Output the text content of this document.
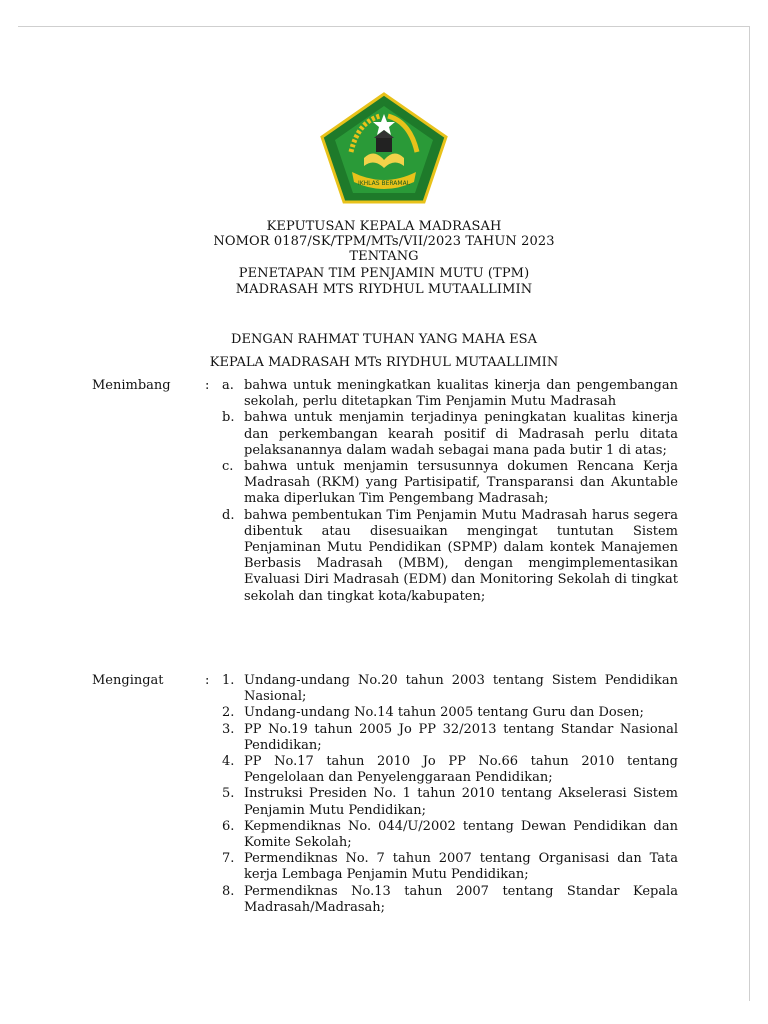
IKHLAS BERAMAL
KEPUTUSAN KEPALA MADRASAH
NOMOR 0187/SK/TPM/MTs/VII/2023 TAHUN 2023
TENTANG
PENETAPAN TIM PENJAMIN MUTU (TPM)
MADRASAH MTS RIYDHUL MUTAALLIMIN
DENGAN RAHMAT TUHAN YANG MAHA ESA
KEPALA MADRASAH MTs RIYDHUL MUTAALLIMIN
Menimbang	: a. bahwa untuk meningkatkan kualitas kinerja dan pengembangan sekolah, perlu ditetapkan Tim Penjamin Mutu Madrasah
b. bahwa untuk menjamin terjadinya peningkatan kualitas kinerja dan perkembangan kearah positif di Madrasah perlu ditata pelaksanannya dalam wadah sebagai mana pada butir 1 di atas;
c. bahwa untuk menjamin tersusunnya dokumen Rencana Kerja Madrasah (RKM) yang Partisipatif, Transparansi dan Akuntable maka diperlukan Tim Pengembang Madrasah;
d. bahwa pembentukan Tim Penjamin Mutu Madrasah harus segera dibentuk atau disesuaikan mengingat tuntutan Sistem Penjaminan Mutu Pendidikan (SPMP) dalam kontek Manajemen Berbasis Madrasah (MBM), dengan mengimplementasikan Evaluasi Diri Madrasah (EDM) dan Monitoring Sekolah di tingkat sekolah dan tingkat kota/kabupaten;
Mengingat	: 1. Undang-undang No.20 tahun 2003 tentang Sistem Pendidikan Nasional;
2. Undang-undang No.14 tahun 2005 tentang Guru dan Dosen;
3. PP No.19 tahun 2005 Jo PP 32/2013 tentang Standar Nasional Pendidikan;
4. PP No.17 tahun 2010 Jo PP No.66 tahun 2010 tentang Pengelolaan dan Penyelenggaraan Pendidikan;
5. Instruksi Presiden No. 1 tahun 2010 tentang Akselerasi Sistem Penjamin Mutu Pendidikan;
6. Kepmendiknas No. 044/U/2002 tentang Dewan Pendidikan dan Komite Sekolah;
7. Permendiknas No. 7 tahun 2007 tentang Organisasi dan Tata kerja Lembaga Penjamin Mutu Pendidikan;
8. Permendiknas No.13 tahun 2007 tentang Standar Kepala Madrasah/Madrasah;
